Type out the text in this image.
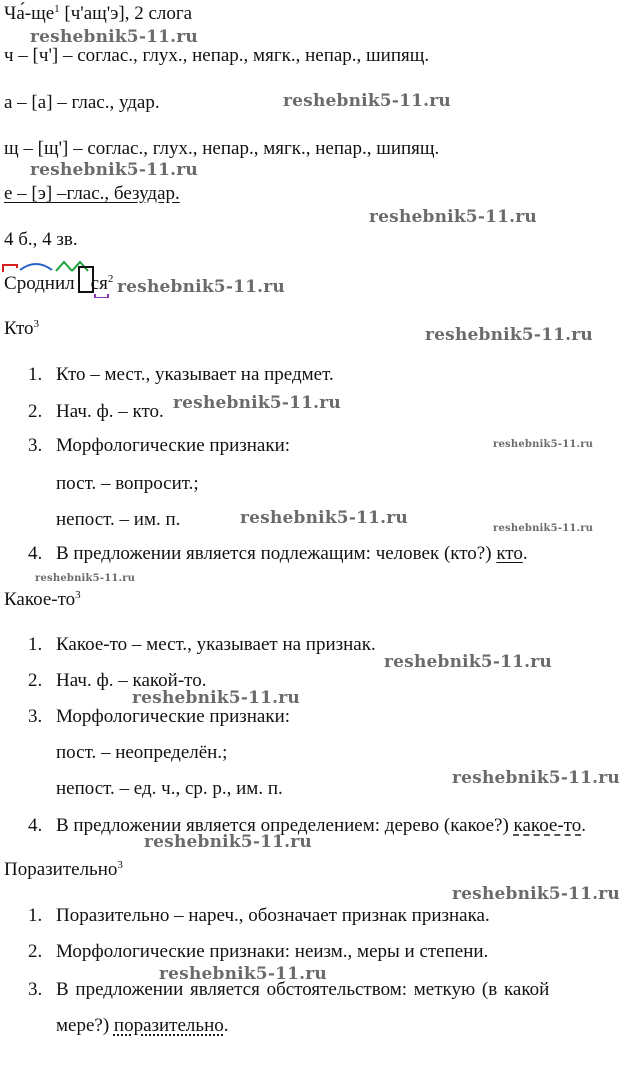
$Ча́-ще^1$ [ч'ащ'э], 2 слога
ч – [ч'] – соглас., глух., непар., мягк., непар., шипящ.
а – [а] – глас., удар.
щ – [щ'] – соглас., глух., непар., мягк., непар., шипящ.
е – [э] –глас., безудар.
4 б., 4 зв.
Сроднил $ся^2$
Кто$^3$
1. Кто – мест., указывает на предмет.
2. Нач. ф. – кто.
3. Морфологические признаки:
пост. – вопросит.;
непост. – им. п.
4. В предложении является подлежащим: человек (кто?) кто.
Какое-$то^3$
1. Какое-то – мест., указывает на признак.
2. Нач. ф. – какой-то.
3. Морфологические признаки:
пост. – неопределён.;
непост. – ед. ч., ср. р., им. п.
4. В предложении является определением: дерево (какое?) какое-то.
Поразительно$^3$
1. Поразительно – нареч., обозначает признак признака.
2. Морфологические признаки: неизм., меры и степени.
3. В предложении является обстоятельством: меткую (в какой
мере?) поразительно.
reshebnik5-11.ru
reshebnik5-11.ru
reshebnik5-11.ru
reshebnik5-11.ru
reshebnik5-11.ru
reshebnik5-11.ru
reshebnik5-11.ru
reshebnik5-11.ru
reshebnik5-11.ru
reshebnik5-11.ru
reshebnik5-11.ru
reshebnik5-11.ru
reshebnik5-11.ru
reshebnik5-11.ru
reshebnik5-11.ru
reshebnik5-11.ru
reshebnik5-11.ru
